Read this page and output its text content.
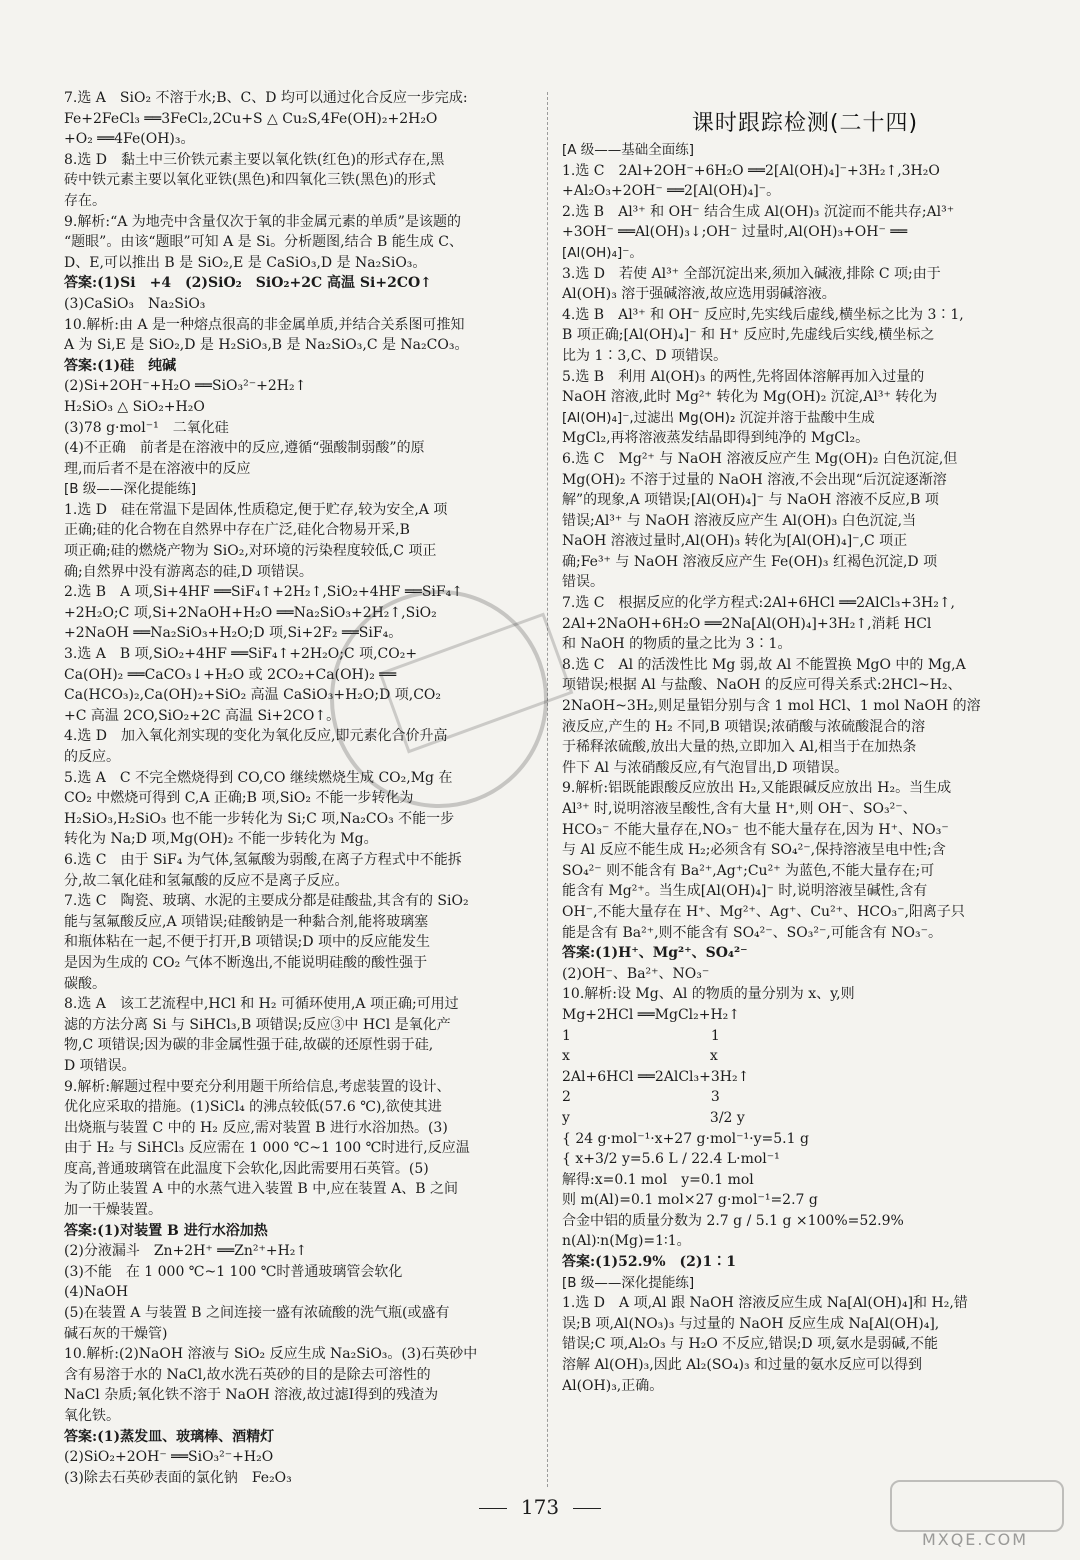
课时跟踪检测(二十四)
7.选 A　SiO₂ 不溶于水;B、C、D 均可以通过化合反应一步完成:
Fe+2FeCl₃ ══3FeCl₂,2Cu+S △ Cu₂S,4Fe(OH)₂+2H₂O
+O₂ ══4Fe(OH)₃。
8.选 D　黏土中三价铁元素主要以氧化铁(红色)的形式存在,黑
砖中铁元素主要以氧化亚铁(黑色)和四氧化三铁(黑色)的形式
存在。
9.解析:“A 为地壳中含量仅次于氧的非金属元素的单质”是该题的
“题眼”。由该“题眼”可知 A 是 Si。分析题图,结合 B 能生成 C、
D、E,可以推出 B 是 SiO₂,E 是 CaSiO₃,D 是 Na₂SiO₃。
答案:(1)Si　+4　(2)SiO₂　SiO₂+2C 高温 Si+2CO↑
(3)CaSiO₃　Na₂SiO₃
10.解析:由 A 是一种熔点很高的非金属单质,并结合关系图可推知
A 为 Si,E 是 SiO₂,D 是 H₂SiO₃,B 是 Na₂SiO₃,C 是 Na₂CO₃。
答案:(1)硅　纯碱
(2)Si+2OH⁻+H₂O ══SiO₃²⁻+2H₂↑
H₂SiO₃ △ SiO₂+H₂O
(3)78 g·mol⁻¹　二氧化硅
(4)不正确　前者是在溶液中的反应,遵循“强酸制弱酸”的原
理,而后者不是在溶液中的反应
[B 级——深化提能练]
1.选 D　硅在常温下是固体,性质稳定,便于贮存,较为安全,A 项
正确;硅的化合物在自然界中存在广泛,硅化合物易开采,B
项正确;硅的燃烧产物为 SiO₂,对环境的污染程度较低,C 项正
确;自然界中没有游离态的硅,D 项错误。
2.选 B　A 项,Si+4HF ══SiF₄↑+2H₂↑,SiO₂+4HF ══SiF₄↑
+2H₂O;C 项,Si+2NaOH+H₂O ══Na₂SiO₃+2H₂↑,SiO₂
+2NaOH ══Na₂SiO₃+H₂O;D 项,Si+2F₂ ══SiF₄。
3.选 A　B 项,SiO₂+4HF ══SiF₄↑+2H₂O;C 项,CO₂+
Ca(OH)₂ ══CaCO₃↓+H₂O 或 2CO₂+Ca(OH)₂ ══
Ca(HCO₃)₂,Ca(OH)₂+SiO₂ 高温 CaSiO₃+H₂O;D 项,CO₂
+C 高温 2CO,SiO₂+2C 高温 Si+2CO↑。
4.选 D　加入氧化剂实现的变化为氧化反应,即元素化合价升高
的反应。
5.选 A　C 不完全燃烧得到 CO,CO 继续燃烧生成 CO₂,Mg 在
CO₂ 中燃烧可得到 C,A 正确;B 项,SiO₂ 不能一步转化为
H₂SiO₃,H₂SiO₃ 也不能一步转化为 Si;C 项,Na₂CO₃ 不能一步
转化为 Na;D 项,Mg(OH)₂ 不能一步转化为 Mg。
6.选 C　由于 SiF₄ 为气体,氢氟酸为弱酸,在离子方程式中不能拆
分,故二氧化硅和氢氟酸的反应不是离子反应。
7.选 C　陶瓷、玻璃、水泥的主要成分都是硅酸盐,其含有的 SiO₂
能与氢氟酸反应,A 项错误;硅酸钠是一种黏合剂,能将玻璃塞
和瓶体粘在一起,不便于打开,B 项错误;D 项中的反应能发生
是因为生成的 CO₂ 气体不断逸出,不能说明硅酸的酸性强于
碳酸。
8.选 A　该工艺流程中,HCl 和 H₂ 可循环使用,A 项正确;可用过
滤的方法分离 Si 与 SiHCl₃,B 项错误;反应③中 HCl 是氧化产
物,C 项错误;因为碳的非金属性强于硅,故碳的还原性弱于硅,
D 项错误。
9.解析:解题过程中要充分利用题干所给信息,考虑装置的设计、
优化应采取的措施。(1)SiCl₄ 的沸点较低(57.6 ℃),欲使其进
出烧瓶与装置 C 中的 H₂ 反应,需对装置 B 进行水浴加热。(3)
由于 H₂ 与 SiHCl₃ 反应需在 1 000 ℃~1 100 ℃时进行,反应温
度高,普通玻璃管在此温度下会软化,因此需要用石英管。(5)
为了防止装置 A 中的水蒸气进入装置 B 中,应在装置 A、B 之间
加一干燥装置。
答案:(1)对装置 B 进行水浴加热
(2)分液漏斗　Zn+2H⁺ ══Zn²⁺+H₂↑
(3)不能　在 1 000 ℃~1 100 ℃时普通玻璃管会软化
(4)NaOH
(5)在装置 A 与装置 B 之间连接一盛有浓硫酸的洗气瓶(或盛有
碱石灰的干燥管)
10.解析:(2)NaOH 溶液与 SiO₂ 反应生成 Na₂SiO₃。(3)石英砂中
含有易溶于水的 NaCl,故水洗石英砂的目的是除去可溶性的
NaCl 杂质;氧化铁不溶于 NaOH 溶液,故过滤Ⅰ得到的残渣为
氧化铁。
答案:(1)蒸发皿、玻璃棒、酒精灯
(2)SiO₂+2OH⁻ ══SiO₃²⁻+H₂O
(3)除去石英砂表面的氯化钠　Fe₂O₃
[A 级——基础全面练]
1.选 C　2Al+2OH⁻+6H₂O ══2[Al(OH)₄]⁻+3H₂↑,3H₂O
+Al₂O₃+2OH⁻ ══2[Al(OH)₄]⁻。
2.选 B　Al³⁺ 和 OH⁻ 结合生成 Al(OH)₃ 沉淀而不能共存;Al³⁺
+3OH⁻ ══Al(OH)₃↓;OH⁻ 过量时,Al(OH)₃+OH⁻ ══
[Al(OH)₄]⁻。
3.选 D　若使 Al³⁺ 全部沉淀出来,须加入碱液,排除 C 项;由于
Al(OH)₃ 溶于强碱溶液,故应选用弱碱溶液。
4.选 B　Al³⁺ 和 OH⁻ 反应时,先实线后虚线,横坐标之比为 3∶1,
B 项正确;[Al(OH)₄]⁻ 和 H⁺ 反应时,先虚线后实线,横坐标之
比为 1∶3,C、D 项错误。
5.选 B　利用 Al(OH)₃ 的两性,先将固体溶解再加入过量的
NaOH 溶液,此时 Mg²⁺ 转化为 Mg(OH)₂ 沉淀,Al³⁺ 转化为
[Al(OH)₄]⁻,过滤出 Mg(OH)₂ 沉淀并溶于盐酸中生成
MgCl₂,再将溶液蒸发结晶即得到纯净的 MgCl₂。
6.选 C　Mg²⁺ 与 NaOH 溶液反应产生 Mg(OH)₂ 白色沉淀,但
Mg(OH)₂ 不溶于过量的 NaOH 溶液,不会出现“后沉淀逐渐溶
解”的现象,A 项错误;[Al(OH)₄]⁻ 与 NaOH 溶液不反应,B 项
错误;Al³⁺ 与 NaOH 溶液反应产生 Al(OH)₃ 白色沉淀,当
NaOH 溶液过量时,Al(OH)₃ 转化为[Al(OH)₄]⁻,C 项正
确;Fe³⁺ 与 NaOH 溶液反应产生 Fe(OH)₃ 红褐色沉淀,D 项
错误。
7.选 C　根据反应的化学方程式:2Al+6HCl ══2AlCl₃+3H₂↑,
2Al+2NaOH+6H₂O ══2Na[Al(OH)₄]+3H₂↑,消耗 HCl
和 NaOH 的物质的量之比为 3∶1。
8.选 C　Al 的活泼性比 Mg 弱,故 Al 不能置换 MgO 中的 Mg,A
项错误;根据 Al 与盐酸、NaOH 的反应可得关系式:2HCl~H₂、
2NaOH~3H₂,则足量铝分别与含 1 mol HCl、1 mol NaOH 的溶
液反应,产生的 H₂ 不同,B 项错误;浓硝酸与浓硫酸混合的溶
于稀释浓硫酸,放出大量的热,立即加入 Al,相当于在加热条
件下 Al 与浓硝酸反应,有气泡冒出,D 项错误。
9.解析:铝既能跟酸反应放出 H₂,又能跟碱反应放出 H₂。当生成
Al³⁺ 时,说明溶液呈酸性,含有大量 H⁺,则 OH⁻、SO₃²⁻、
HCO₃⁻ 不能大量存在,NO₃⁻ 也不能大量存在,因为 H⁺、NO₃⁻
与 Al 反应不能生成 H₂;必须含有 SO₄²⁻,保持溶液呈电中性;含
SO₄²⁻ 则不能含有 Ba²⁺,Ag⁺;Cu²⁺ 为蓝色,不能大量存在;可
能含有 Mg²⁺。当生成[Al(OH)₄]⁻ 时,说明溶液呈碱性,含有
OH⁻,不能大量存在 H⁺、Mg²⁺、Ag⁺、Cu²⁺、HCO₃⁻,阳离子只
能是含有 Ba²⁺,则不能含有 SO₄²⁻、SO₃²⁻,可能含有 NO₃⁻。
答案:(1)H⁺、Mg²⁺、SO₄²⁻
(2)OH⁻、Ba²⁺、NO₃⁻
10.解析:设 Mg、Al 的物质的量分别为 x、y,则
Mg+2HCl ══MgCl₂+H₂↑
1　　　　　　　　　　1
x　　　　　　　　　　x
2Al+6HCl ══2AlCl₃+3H₂↑
2　　　　　　　　　　3
y　　　　　　　　　　3/2 y
{ 24 g·mol⁻¹·x+27 g·mol⁻¹·y=5.1 g
{ x+3/2 y=5.6 L / 22.4 L·mol⁻¹
解得:x=0.1 mol　y=0.1 mol
则 m(Al)=0.1 mol×27 g·mol⁻¹=2.7 g
合金中铝的质量分数为 2.7 g / 5.1 g ×100%=52.9%
n(Al)∶n(Mg)=1∶1。
答案:(1)52.9%　(2)1∶1
[B 级——深化提能练]
1.选 D　A 项,Al 跟 NaOH 溶液反应生成 Na[Al(OH)₄]和 H₂,错
误;B 项,Al(NO₃)₃ 与过量的 NaOH 反应生成 Na[Al(OH)₄],
错误;C 项,Al₂O₃ 与 H₂O 不反应,错误;D 项,氨水是弱碱,不能
溶解 Al(OH)₃,因此 Al₂(SO₄)₃ 和过量的氨水反应可以得到
Al(OH)₃,正确。
173
MXQE.COM
